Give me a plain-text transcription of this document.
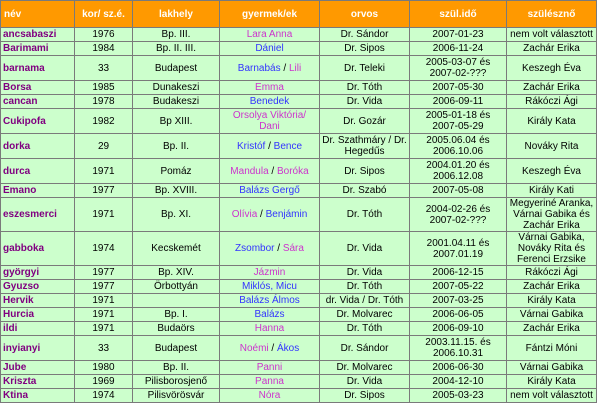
név	kor/ sz.é.	lakhely	gyermek/ek	orvos	szül.idő	szülésznő
ancsabaszi	1976	Bp. III.	Lara Anna	Dr. Sándor	2007-01-23	nem volt választott
Barimami	1984	Bp. II. III.	Dániel	Dr. Sipos	2006-11-24	Zachár Erika
barnama	33	Budapest	Barnabás / Lili	Dr. Teleki	2005-03-07 és 2007-02-???	Keszegh Éva
Borsa	1985	Dunakeszi	Emma	Dr. Tóth	2007-05-30	Zachár Erika
cancan	1978	Budakeszi	Benedek	Dr. Vida	2006-09-11	Rákóczi Ági
Cukipofa	1982	Bp XIII.	Orsolya Viktória/ Dani	Dr. Gozár	2005-01-18 és 2007-05-29	Király Kata
dorka	29	Bp. II.	Kristóf / Bence	Dr. Szathmáry / Dr. Hegedűs	2005.06.04 és 2006.10.06	Nováky Rita
durca	1971	Pomáz	Mandula / Boróka	Dr. Sipos	2004.01.20 és 2006.12.08	Keszegh Éva
Emano	1977	Bp. XVIII.	Balázs Gergő	Dr. Szabó	2007-05-08	Király Kati
eszesmerci	1971	Bp. XI.	Olívia / Benjámin	Dr. Tóth	2004-02-26 és 2007-02-???	Megyeriné Aranka, Várnai Gabika és Zachár Erika
gabboka	1974	Kecskemét	Zsombor / Sára	Dr. Vida	2001.04.11 és 2007.01.19	Várnai Gabika, Nováky Rita és Ferenci Erzsike
györgyi	1977	Bp. XIV.	Jázmin	Dr. Vida	2006-12-15	Rákóczi Ági
Gyuzso	1977	Örbottyán	Miklós, Micu	Dr. Tóth	2007-05-22	Zachár Erika
Hervik	1971		Balázs Álmos	dr. Vida / Dr. Tóth	2007-03-25	Király Kata
Hurcia	1971	Bp. I.	Balázs	Dr. Molvarec	2006-06-05	Várnai Gabika
ildi	1971	Budaörs	Hanna	Dr. Tóth	2006-09-10	Zachár Erika
inyianyi	33	Budapest	Noémi / Ákos	Dr. Sándor	2003.11.15. és 2006.10.31	Fántzi Móni
Jube	1980	Bp. II.	Panni	Dr. Molvarec	2006-06-30	Várnai Gabika
Kriszta	1969	Pilisborosjenő	Panna	Dr. Vida	2004-12-10	Király Kata
Ktina	1974	Pilisvörösvár	Nóra	Dr. Sipos	2005-03-23	nem volt választott
